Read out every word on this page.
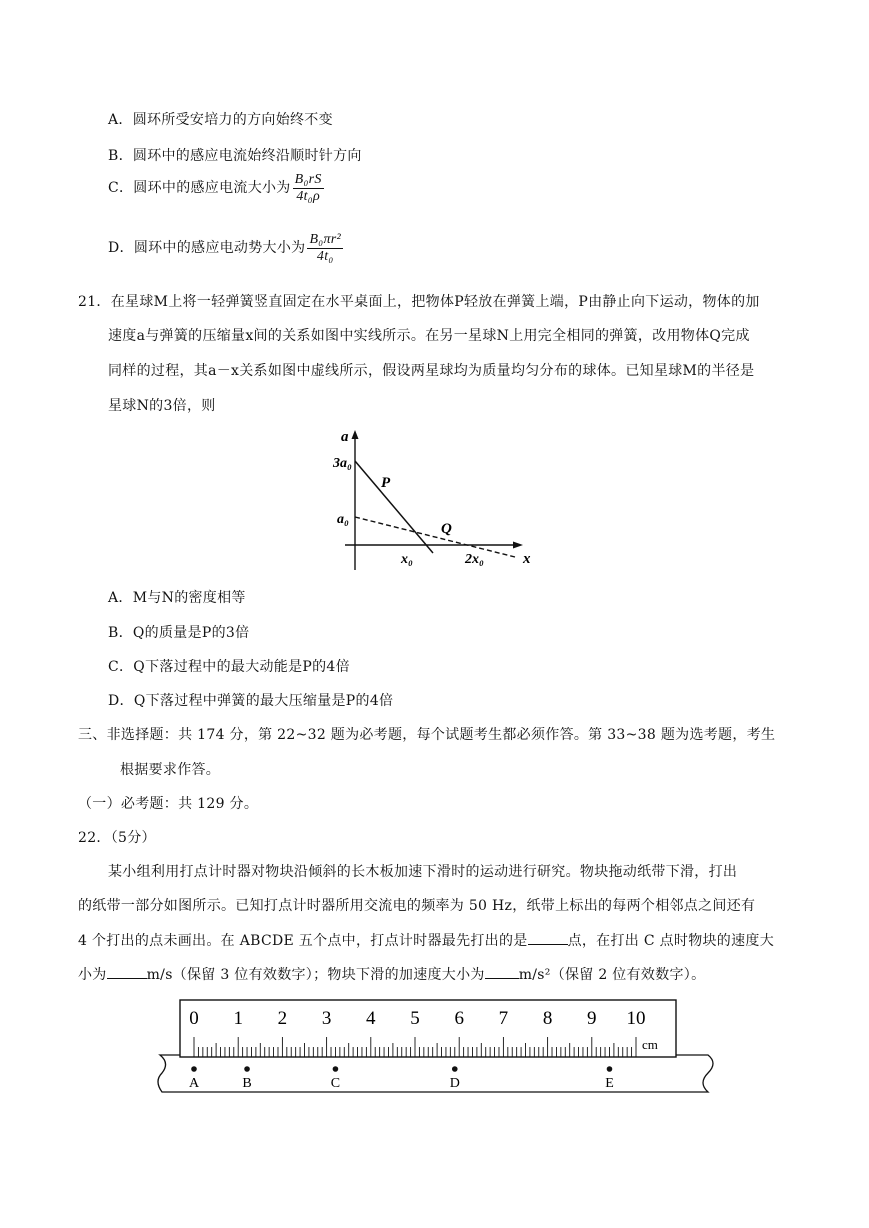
A．圆环所受安培力的方向始终不变
B．圆环中的感应电流始终沿顺时针方向
C．圆环中的感应电流大小为 $\frac{\text{B₀rS}}{\text{4t₀ρ}}$
D．圆环中的感应电动势大小为 $\frac{\text{B₀πr²}}{\text{4t₀}}$
21．在星球M上将一轻弹簧竖直固定在水平桌面上，把物体P轻放在弹簧上端，P由静止向下运动，物体的加
速度a与弹簧的压缩量x间的关系如图中实线所示。在另一星球N上用完全相同的弹簧，改用物体Q完成
同样的过程，其a－x关系如图中虚线所示，假设两星球均为质量均匀分布的球体。已知星球M的半径是
星球N的3倍，则
a
x
3a₀
a₀
x₀	2x₀
P
Q
A．M与N的密度相等
B．Q的质量是P的3倍
C．Q下落过程中的最大动能是P的4倍
D．Q下落过程中弹簧的最大压缩量是P的4倍
三、非选择题：共 174 分，第 22~32 题为必考题，每个试题考生都必须作答。第 33~38 题为选考题，考生
根据要求作答。
（一）必考题：共 129 分。
22．（5分）
某小组利用打点计时器对物块沿倾斜的长木板加速下滑时的运动进行研究。物块拖动纸带下滑，打出
的纸带一部分如图所示。已知打点计时器所用交流电的频率为 50 Hz，纸带上标出的每两个相邻点之间还有
4 个打出的点未画出。在 ABCDE 五个点中，打点计时器最先打出的是	点，在打出 C 点时物块的速度大
小为	m/s（保留 3 位有效数字）；物块下滑的加速度大小为 m/s²（保留 2 位有效数字）。
0 1 2 3 4 5 6 7 8 9 10
cm
A	B	C	D	E
